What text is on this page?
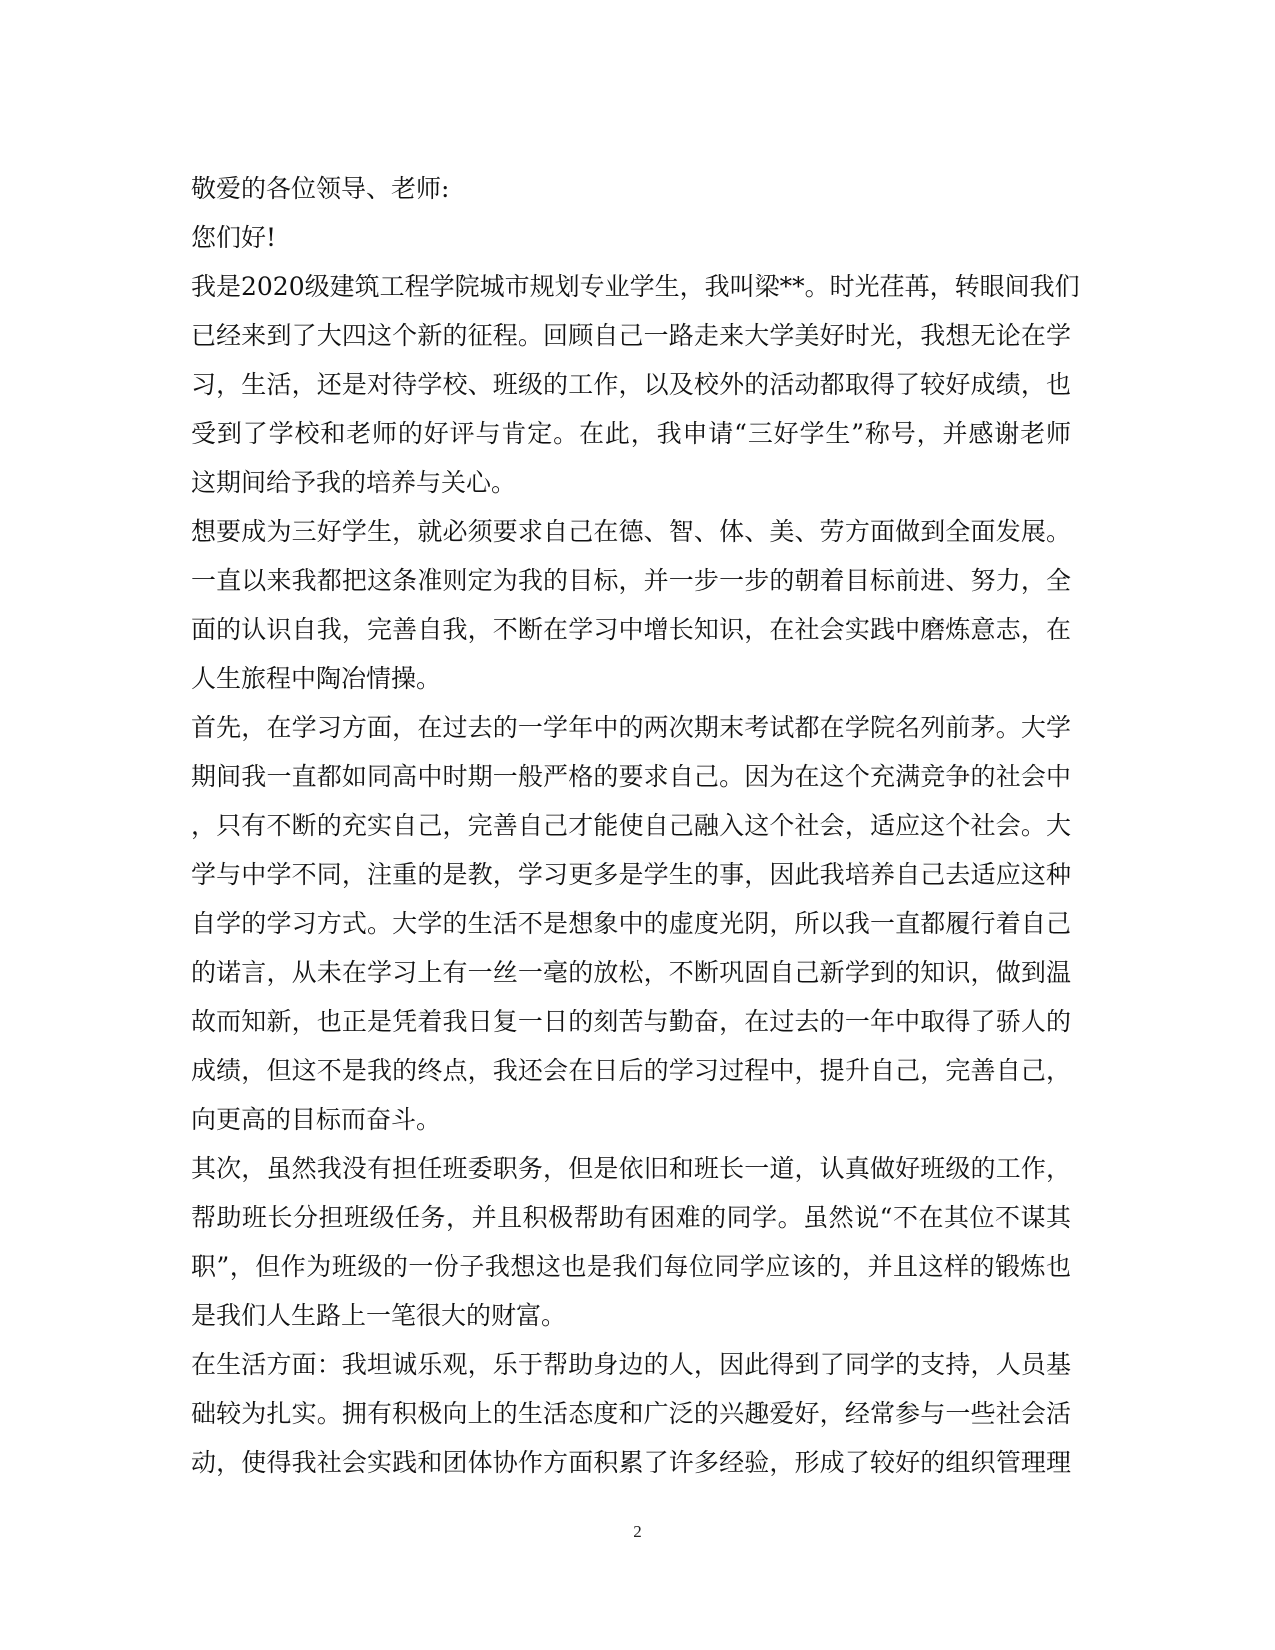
敬爱的各位领导、老师:
您们好!
我是2020级建筑工程学院城市规划专业学生，我叫梁**。时光荏苒，转眼间我们
已经来到了大四这个新的征程。回顾自己一路走来大学美好时光，我想无论在学
习，生活，还是对待学校、班级的工作，以及校外的活动都取得了较好成绩，也
受到了学校和老师的好评与肯定。在此，我申请“三好学生”称号，并感谢老师
这期间给予我的培养与关心。
想要成为三好学生，就必须要求自己在德、智、体、美、劳方面做到全面发展。
一直以来我都把这条准则定为我的目标，并一步一步的朝着目标前进、努力，全
面的认识自我，完善自我，不断在学习中增长知识，在社会实践中磨炼意志，在
人生旅程中陶冶情操。
首先，在学习方面，在过去的一学年中的两次期末考试都在学院名列前茅。大学
期间我一直都如同高中时期一般严格的要求自己。因为在这个充满竞争的社会中
，只有不断的充实自己，完善自己才能使自己融入这个社会，适应这个社会。大
学与中学不同，注重的是教，学习更多是学生的事，因此我培养自己去适应这种
自学的学习方式。大学的生活不是想象中的虚度光阴，所以我一直都履行着自己
的诺言，从未在学习上有一丝一毫的放松，不断巩固自己新学到的知识，做到温
故而知新，也正是凭着我日复一日的刻苦与勤奋，在过去的一年中取得了骄人的
成绩，但这不是我的终点，我还会在日后的学习过程中，提升自己，完善自己，
向更高的目标而奋斗。
其次，虽然我没有担任班委职务，但是依旧和班长一道，认真做好班级的工作，
帮助班长分担班级任务，并且积极帮助有困难的同学。虽然说“不在其位不谋其
职”，但作为班级的一份子我想这也是我们每位同学应该的，并且这样的锻炼也
是我们人生路上一笔很大的财富。
在生活方面：我坦诚乐观，乐于帮助身边的人，因此得到了同学的支持，人员基
础较为扎实。拥有积极向上的生活态度和广泛的兴趣爱好，经常参与一些社会活
动，使得我社会实践和团体协作方面积累了许多经验，形成了较好的组织管理理
2
